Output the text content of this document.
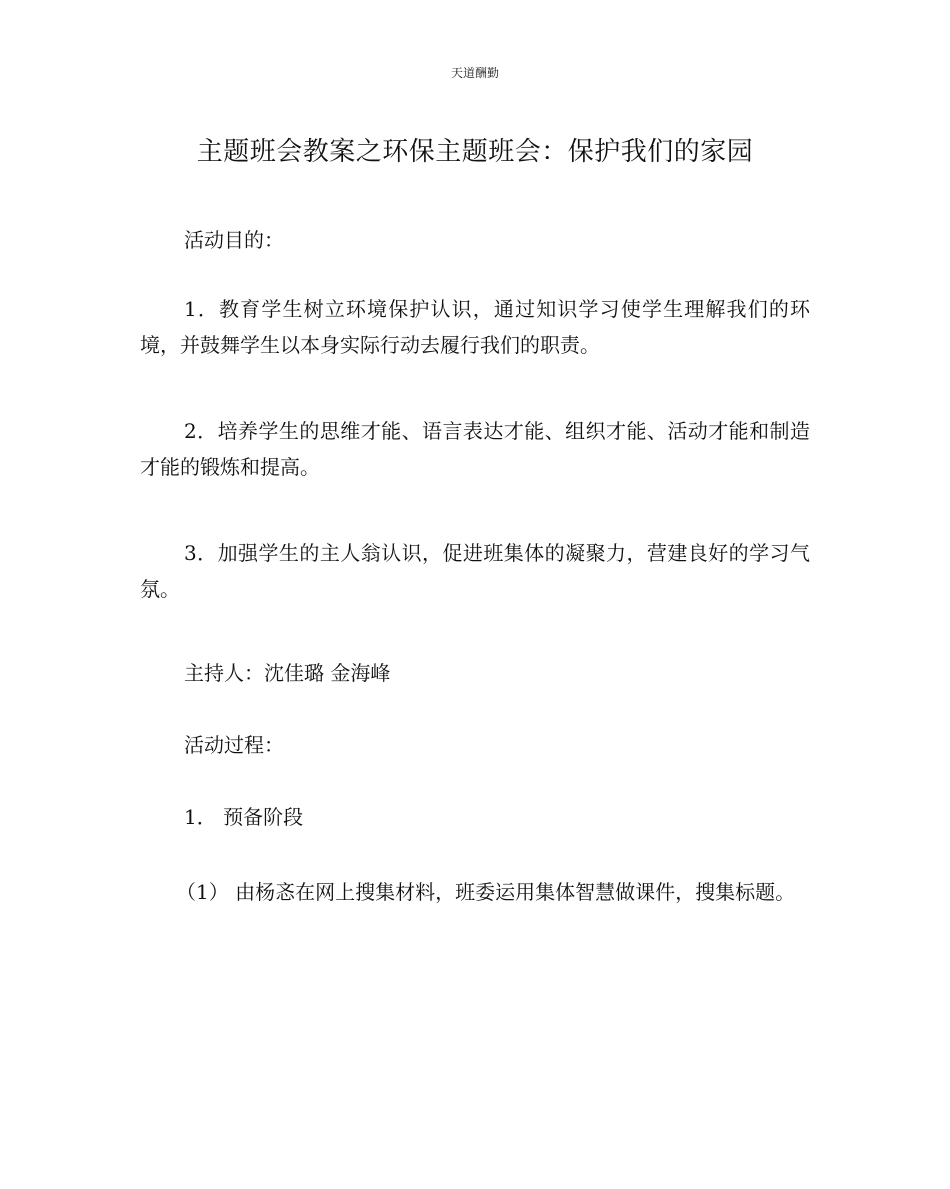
天道酬勤
主题班会教案之环保主题班会：保护我们的家园

活动目的：

1．教育学生树立环境保护认识，通过知识学习使学生理解我们的环境，并鼓舞学生以本身实际行动去履行我们的职责。

2．培养学生的思维才能、语言表达才能、组织才能、活动才能和制造才能的锻炼和提高。

3．加强学生的主人翁认识，促进班集体的凝聚力，营建良好的学习气氛。

主持人：沈佳璐 金海峰

活动过程：

1． 预备阶段

（1） 由杨忞在网上搜集材料，班委运用集体智慧做课件，搜集标题。
